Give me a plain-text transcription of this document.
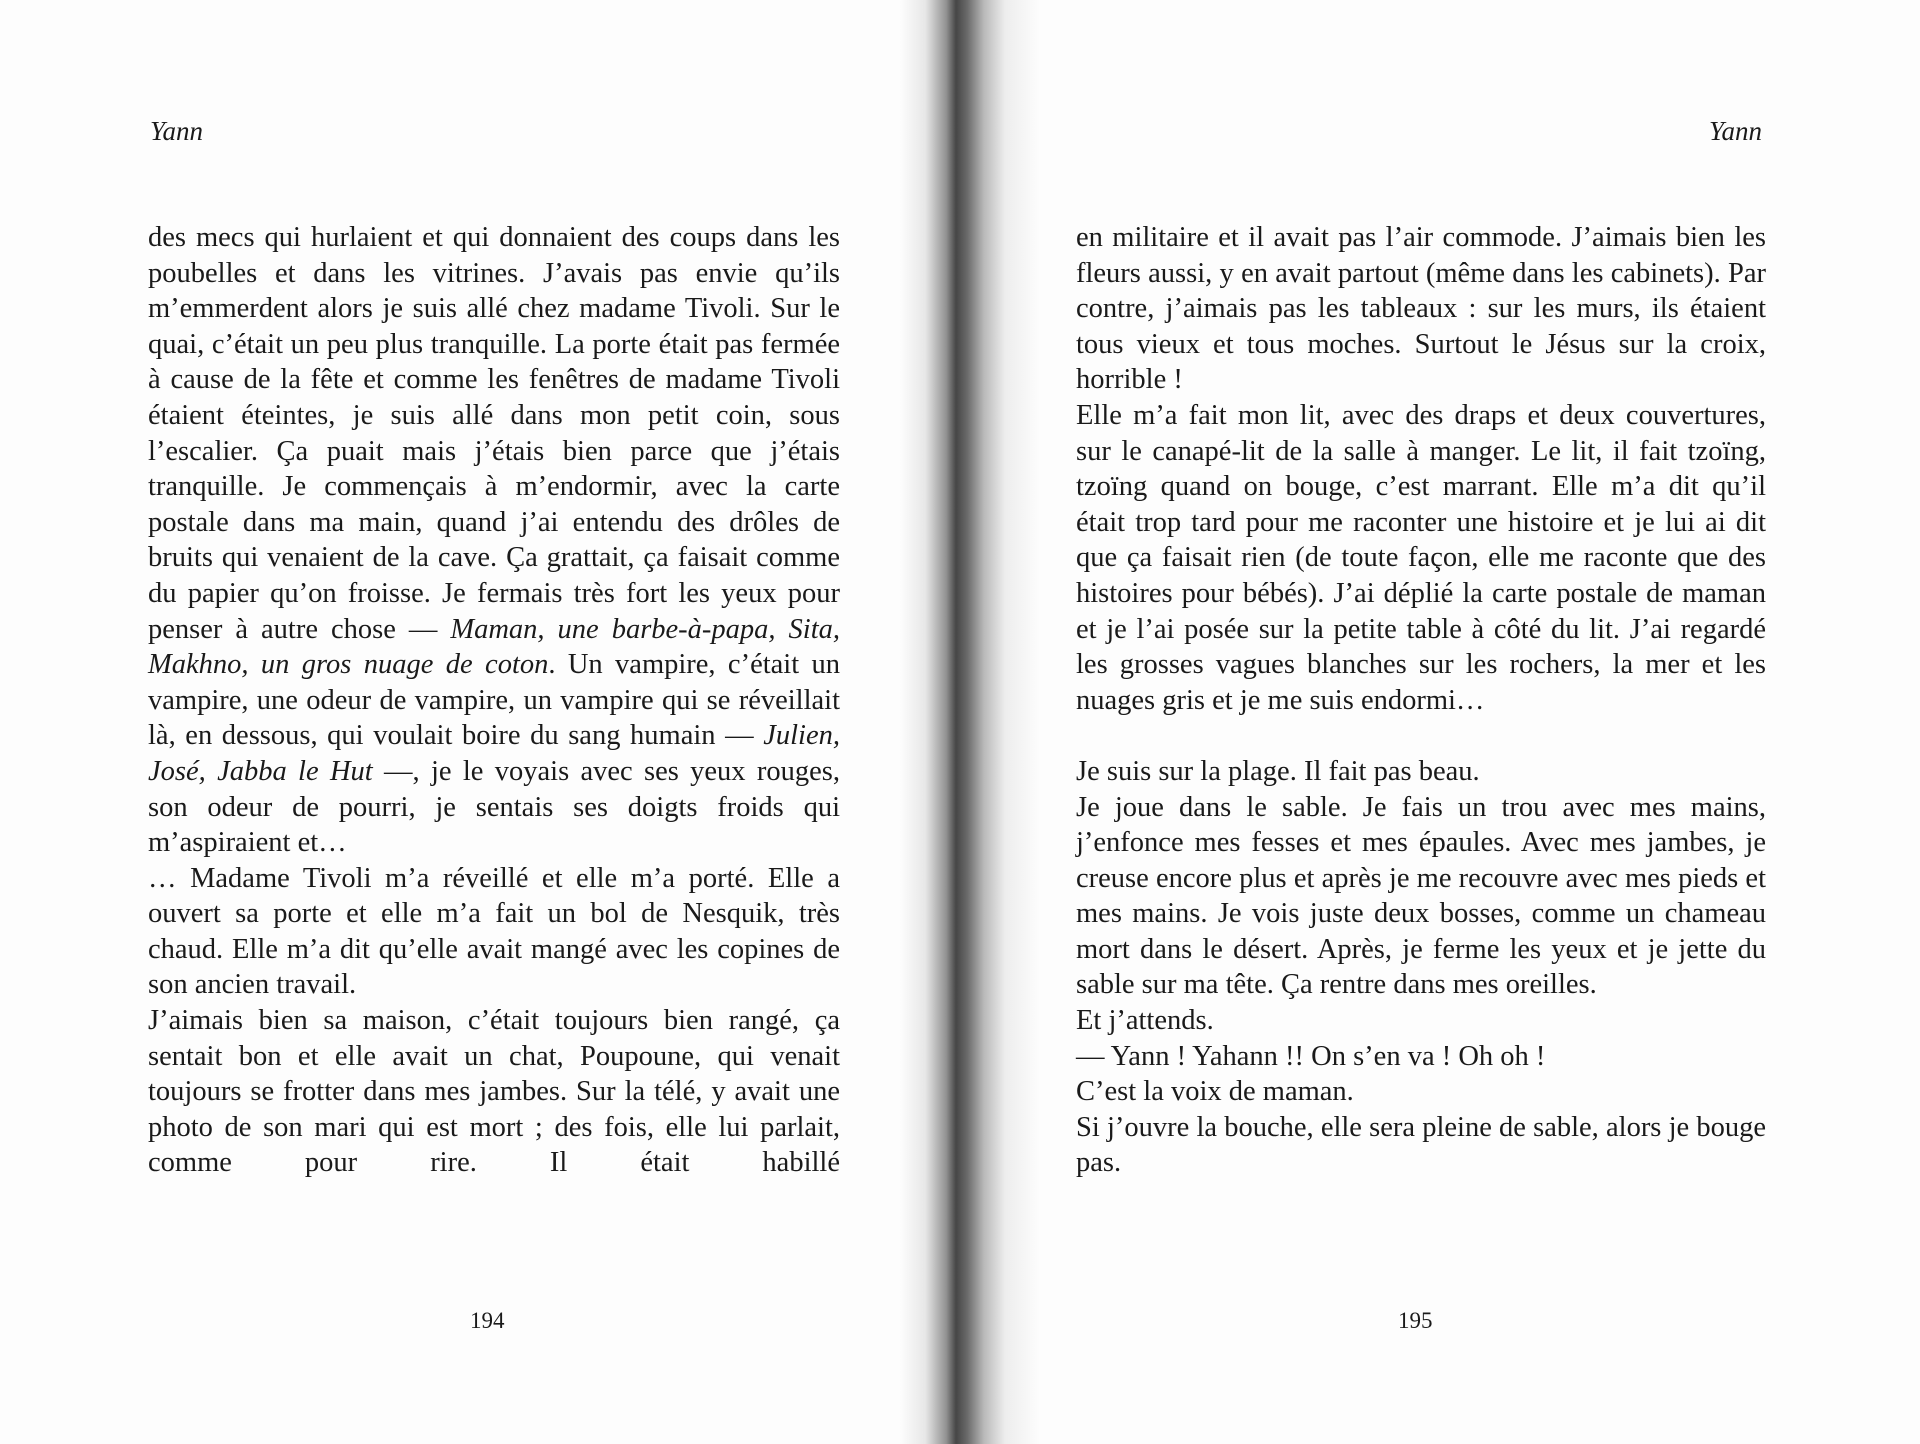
Yann

des mecs qui hurlaient et qui donnaient des coups dans les poubelles et dans les vitrines. J’avais pas envie qu’ils m’emmerdent alors je suis allé chez madame Tivoli. Sur le quai, c’était un peu plus tranquille. La porte était pas fermée à cause de la fête et comme les fenêtres de madame Tivoli étaient éteintes, je suis allé dans mon petit coin, sous l’escalier. Ça puait mais j’étais bien parce que j’étais tranquille. Je commençais à m’endormir, avec la carte postale dans ma main, quand j’ai entendu des drôles de bruits qui venaient de la cave. Ça grattait, ça faisait comme du papier qu’on froisse. Je fermais très fort les yeux pour penser à autre chose — Maman, une barbe-à-papa, Sita, Makhno, un gros nuage de coton. Un vampire, c’était un vampire, une odeur de vampire, un vampire qui se réveillait là, en dessous, qui voulait boire du sang humain — Julien, José, Jabba le Hut —, je le voyais avec ses yeux rouges, son odeur de pourri, je sentais ses doigts froids qui m’aspiraient et…

… Madame Tivoli m’a réveillé et elle m’a porté. Elle a ouvert sa porte et elle m’a fait un bol de Nesquik, très chaud. Elle m’a dit qu’elle avait mangé avec les copines de son ancien travail.

J’aimais bien sa maison, c’était toujours bien rangé, ça sentait bon et elle avait un chat, Poupoune, qui venait toujours se frotter dans mes jambes. Sur la télé, y avait une photo de son mari qui est mort ; des fois, elle lui parlait, comme pour rire. Il était habillé

194

Yann

en militaire et il avait pas l’air commode. J’aimais bien les fleurs aussi, y en avait partout (même dans les cabinets). Par contre, j’aimais pas les tableaux : sur les murs, ils étaient tous vieux et tous moches. Surtout le Jésus sur la croix, horrible !

Elle m’a fait mon lit, avec des draps et deux couvertures, sur le canapé-lit de la salle à manger. Le lit, il fait tzoïng, tzoïng quand on bouge, c’est marrant. Elle m’a dit qu’il était trop tard pour me raconter une histoire et je lui ai dit que ça faisait rien (de toute façon, elle me raconte que des histoires pour bébés). J’ai déplié la carte postale de maman et je l’ai posée sur la petite table à côté du lit. J’ai regardé les grosses vagues blanches sur les rochers, la mer et les nuages gris et je me suis endormi…

Je suis sur la plage. Il fait pas beau.

Je joue dans le sable. Je fais un trou avec mes mains, j’enfonce mes fesses et mes épaules. Avec mes jambes, je creuse encore plus et après je me recouvre avec mes pieds et mes mains. Je vois juste deux bosses, comme un chameau mort dans le désert. Après, je ferme les yeux et je jette du sable sur ma tête. Ça rentre dans mes oreilles.

Et j’attends.

— Yann ! Yahann !! On s’en va ! Oh oh !

C’est la voix de maman.

Si j’ouvre la bouche, elle sera pleine de sable, alors je bouge pas.

195
